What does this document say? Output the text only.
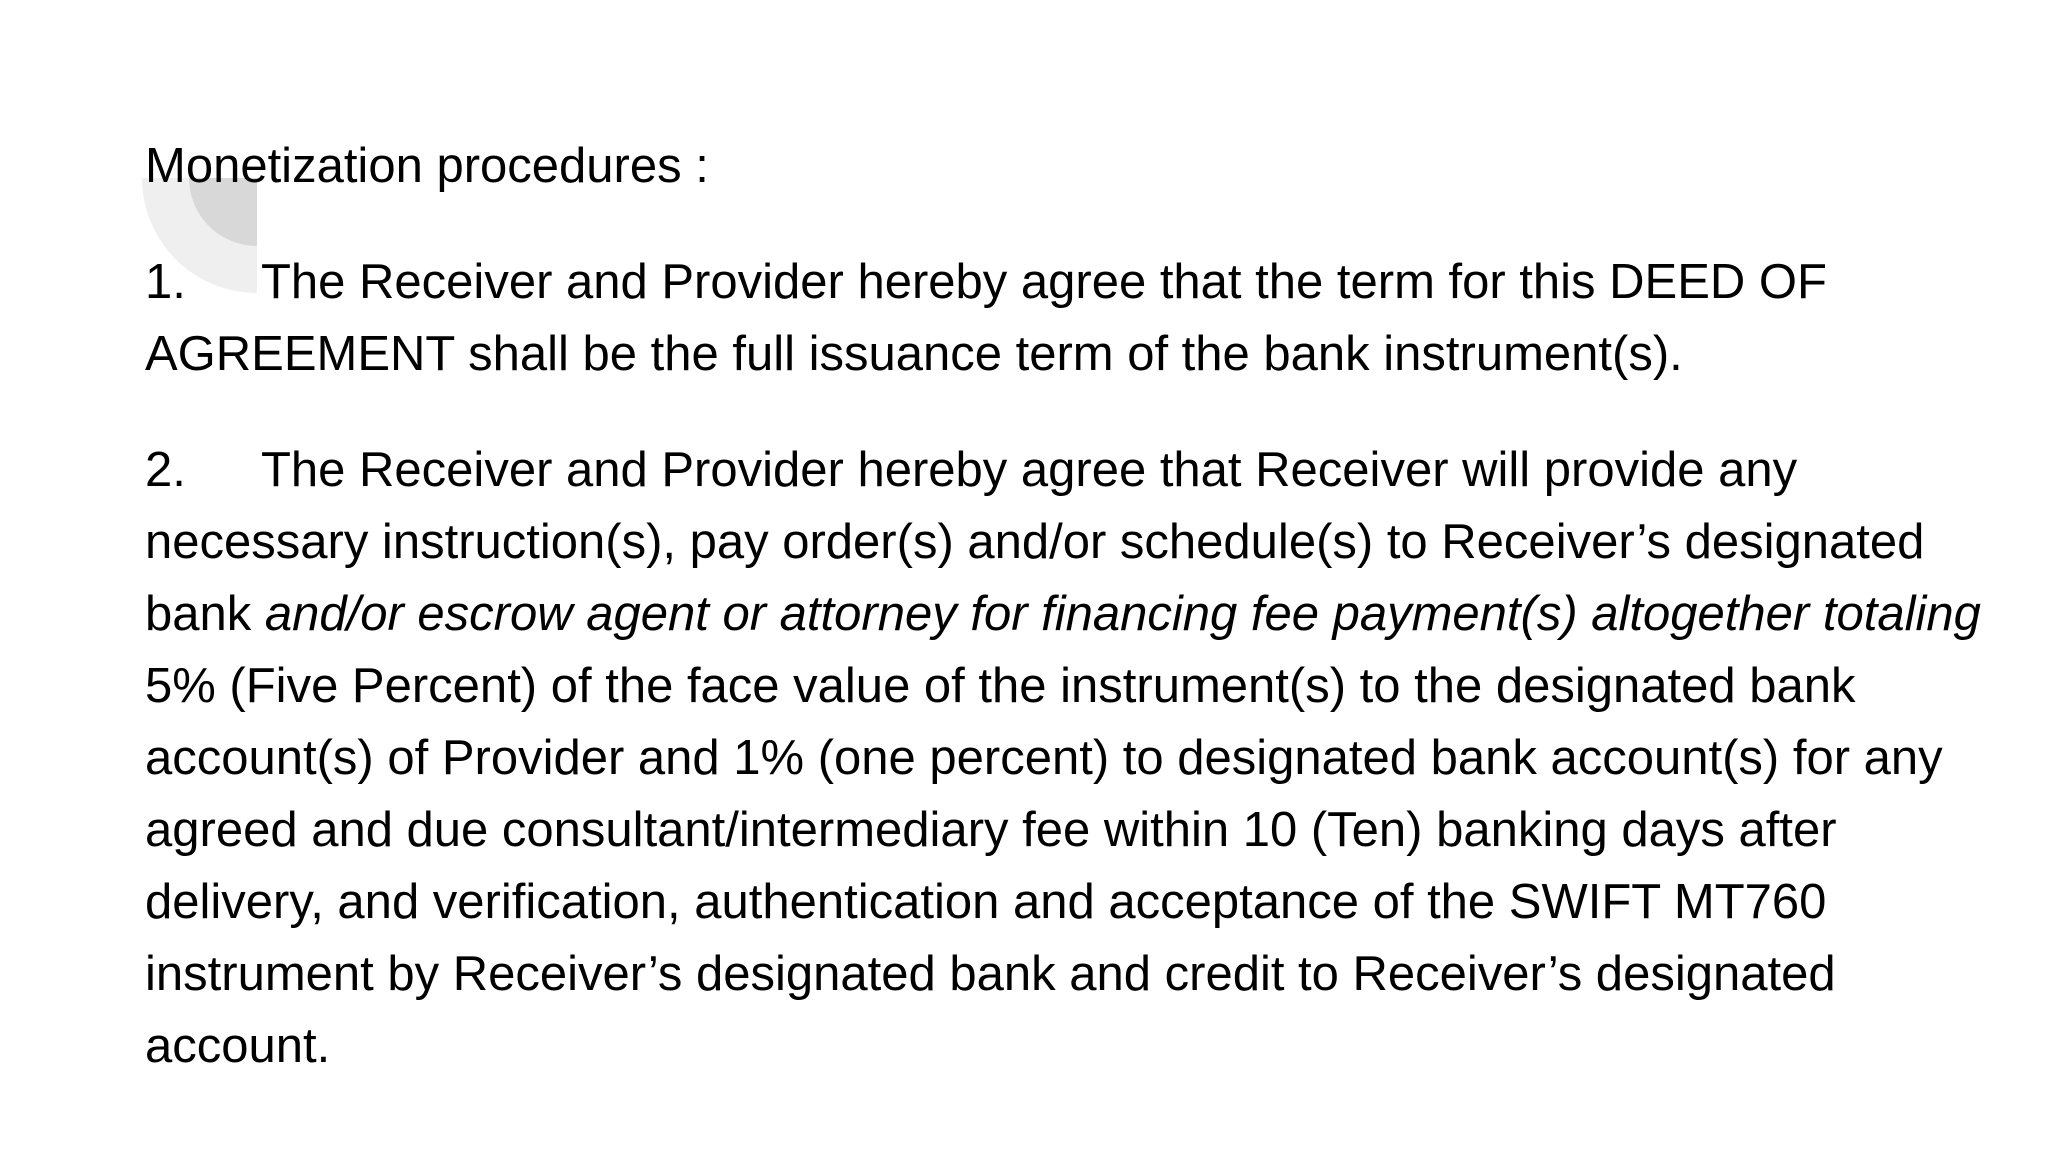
Monetization procedures :
1. The Receiver and Provider hereby agree that the term for this DEED OF AGREEMENT shall be the full issuance term of the bank instrument(s).
2. The Receiver and Provider hereby agree that Receiver will provide any necessary instruction(s), pay order(s) and/or schedule(s) to Receiver’s designated bank and/or escrow agent or attorney for financing fee payment(s) altogether totaling 5% (Five Percent) of the face value of the instrument(s) to the designated bank account(s) of Provider and 1% (one percent) to designated bank account(s) for any agreed and due consultant/intermediary fee within 10 (Ten) banking days after delivery, and verification, authentication and acceptance of the SWIFT MT760 instrument by Receiver’s designated bank and credit to Receiver’s designated account.
